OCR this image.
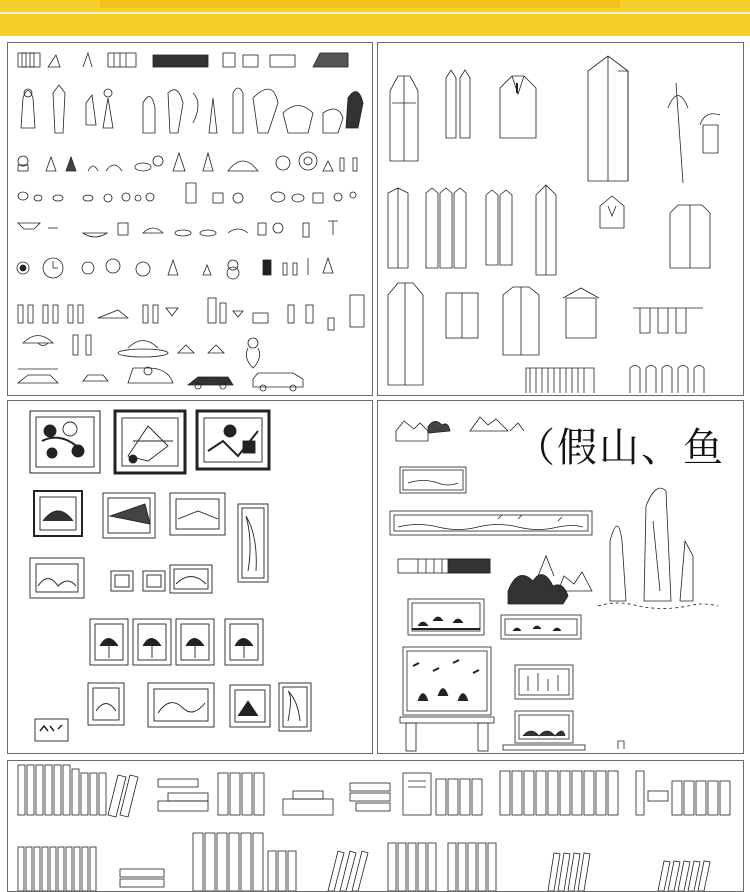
（假山、鱼
